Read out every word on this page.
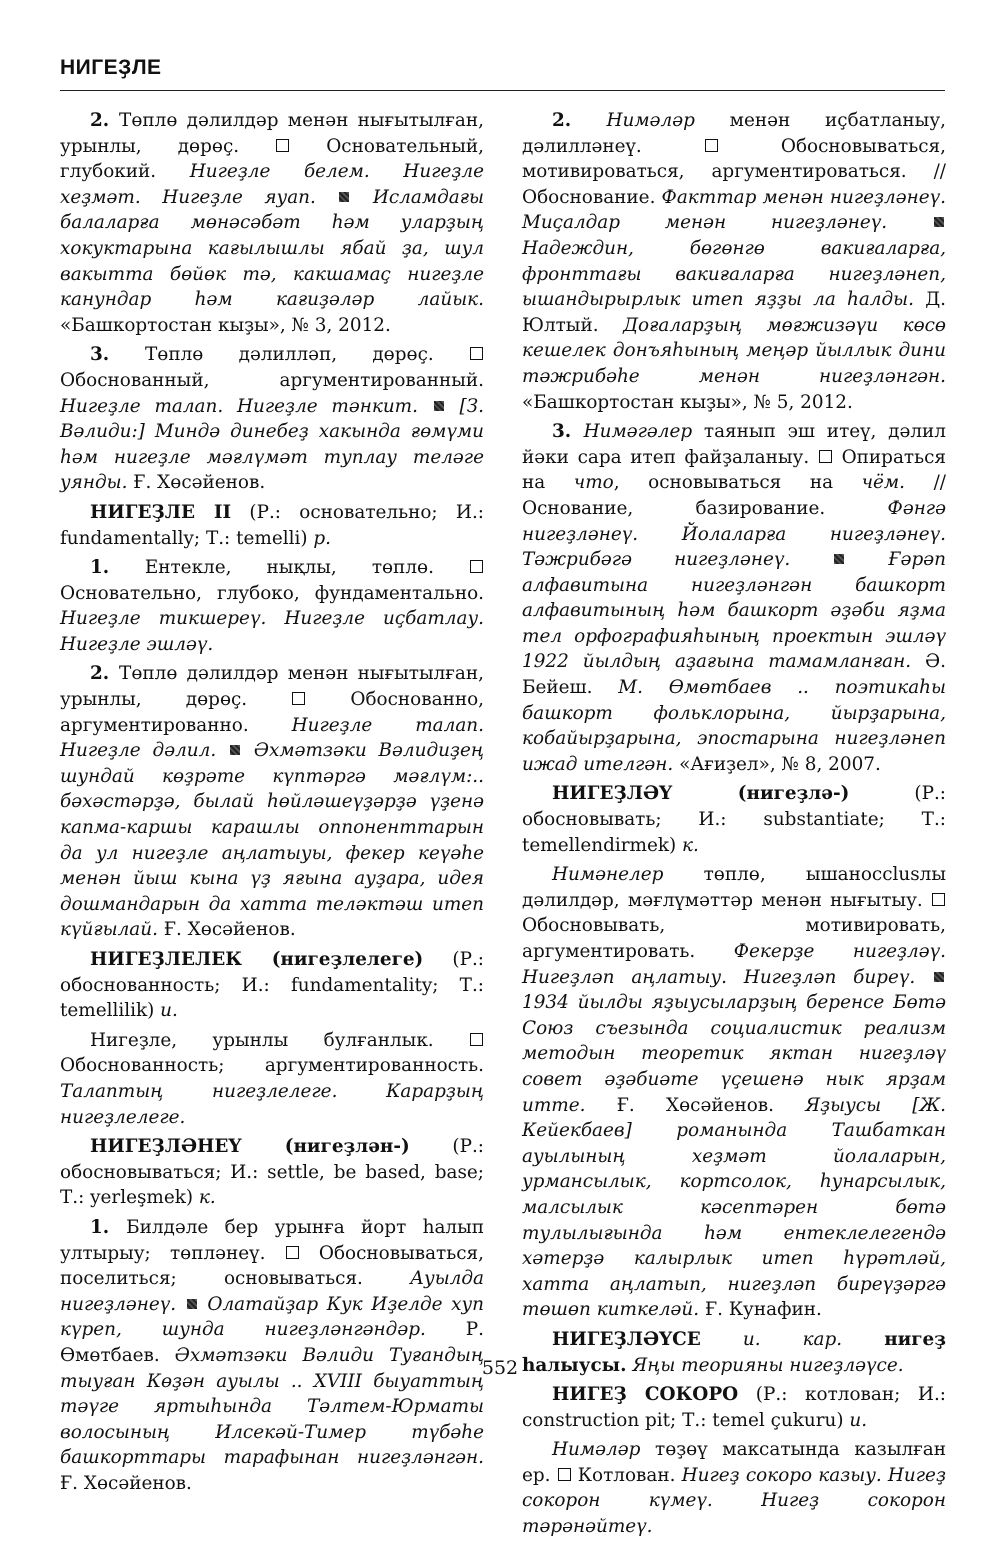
НИГЕҘЛЕ

2. Төплө дәлилдәр менән нығытылған, урынлы, дөрөҫ.  Основательный, глубокий. Нигеҙле белем. Нигеҙле хеҙмәт. Нигеҙле яуап.  Исламдағы балаларға мөнәсәбәт һәм уларҙың хокуктарына кағылышлы ябай ҙа, шул вакытта бөйөк тә, какшамаҫ нигеҙле канундар һәм кағиҙәләр лайык. «Башкортостан кыҙы», № 3, 2012.

3. Төплө дәлилләп, дөрөҫ.  Обоснованный, аргументированный. Нигеҙле талап. Нигеҙле тәнкит.  [З. Вәлиди:] Миндә динебеҙ хакында ғөмүми һәм нигеҙле мәғлүмәт туплау теләге уянды. Ғ. Хөсәйенов.

НИГЕҘЛЕ II (Р.: основательно; И.: fundamentally; Т.: temelli) р.

1. Ентекле, нықлы, төплө.  Основательно, глубоко, фундаментально. Нигеҙле тикшереү. Нигеҙле иҫбатлау. Нигеҙле эшләү.

2. Төплө дәлилдәр менән нығытылған, урынлы, дөрөҫ.  Обоснованно, аргументированно. Нигеҙле талап. Нигеҙле дәлил.  Әхмәтзәки Вәлидиҙең шундай көҙрәте күптәргә мәғлүм:.. бәхәстәрҙә, былай һөйләшеүҙәрҙә үҙенә капма-каршы карашлы оппоненттарын да ул нигеҙле аңлатыуы, фекер кеүәһе менән йыш кына үҙ яғына ауҙара, идея дошмандарын да хатта теләктәш итеп күйғылай. Ғ. Хөсәйенов.

НИГЕҘЛЕЛЕК (нигеҙлелеге) (Р.: обоснованность; И.: fundamentality; Т.: temellilik) и.

Нигеҙле, урынлы булғанлык.  Обоснованность; аргументированность. Талаптың нигеҙлелеге. Карарҙың нигеҙлелеге.

НИГЕҘЛӘНЕҮ (нигеҙлән-) (Р.: обосновываться; И.: settle, be based, base; Т.: yerleşmek) к.

1. Билдәле бер урынға йорт һалып ултырыу; төпләнеү.  Обосновываться, поселиться; основываться. Ауылда нигеҙләнеү.  Олатайҙар Кук Иҙелде хуп күреп, шунда нигеҙләнгәндәр. Р. Өмөтбаев. Әхмәтзәки Вәлиди Туғандың тыуған Көҙән ауылы .. XVIII быуаттың тәүге яртыһында Тәлтем-Юрматы волосының Илсекәй-Тимер түбәһе башкорттары тарафынан нигеҙләнгән. Ғ. Хөсәйенов.

2. Нимәләр менән иҫбатланыу, дәлилләнеү.  Обосновываться, мотивироваться, аргументироваться. // Обоснование. Факттар менән нигеҙләнеү. Миҫалдар менән нигеҙләнеү.  Надеждин, бөгөнгө вакиғаларға, фронттағы вакиғаларға нигеҙләнеп, ышандырырлык итеп яҙҙы ла һалды. Д. Юлтый. Доғаларҙың мөғжизәүи көсө кешелек донъяһының меңәр йыллык дини тәжрибәһе менән нигеҙләнгән. «Башкортостан кыҙы», № 5, 2012.

3. Нимәгәлер таянып эш итеү, дәлил йәки сара итеп файҙаланыу.  Опираться на что, основываться на чём. // Основание, базирование. Фәнгә нигеҙләнеү. Йолаларға нигеҙләнеү. Тәжрибәгә нигеҙләнеү.	Ғәрәп алфавитына нигеҙләнгән башкорт алфавитының һәм башкорт әҙәби яҙма тел орфографияһының проектын эшләү 1922 йылдың аҙағына тамамланған. Ә. Бейеш. М. Өмөтбаев .. поэтикаһы башкорт фольклорына, йырҙарына, кобайырҙарына, эпостарына нигеҙләнеп ижад ителгән. «Ағиҙел», № 8, 2007.

НИГЕҘЛӘҮ (нигеҙлә-) (Р.: обосновывать; И.: substantiate; Т.: temellendirmek) к.

Нимәнелер төплө, ышанocclusлы дәлилдәр, мәғлүмәттәр менән нығытыу.  Обосновывать, мотивировать, аргументировать. Фекерҙе нигеҙләү. Нигеҙләп аңлатыу. Нигеҙләп биреү.  1934 йылды яҙыусыларҙың беренсе Бөтә Союз съезында социалистик реализм методын теоретик яктан нигеҙләү совет әҙәбиәте үҫешенә нык ярҙам итте. Ғ. Хөсәйенов. Яҙыусы [Ж. Кейекбаев] романында Ташбаткан ауылының хеҙмәт йолаларын, урмансылык, кортсолок, һунарсылык, малсылык кәсептәрен бөтә тулылығында һәм ентеклелегендә хәтерҙә калырлык итеп һүрәтләй, хатта аңлатып, нигеҙләп биреүҙәргә төшөп киткеләй. Ғ. Кунафин.

НИГЕҘЛӘҮСЕ и. кар. нигеҙ һалыусы. Яңы теорияны нигеҙләүсе.

НИГЕҘ СОКОРО (Р.: котлован; И.: construction pit; Т.: temel çukuru) и.

Нимәләр төҙөү максатында казылған ер.  Котлован. Нигеҙ сокоро казыу. Нигеҙ сокорон күмеү. Нигеҙ сокорон тәрәнәйтеү.

552
